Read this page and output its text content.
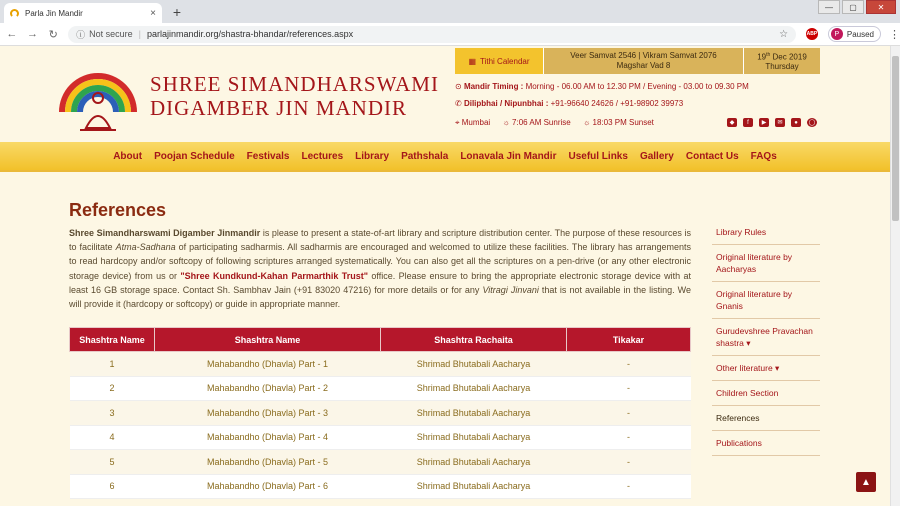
Parla Jin Mandir	×	+	—	▢	✕
← → ↻	ⓘ Not secure | parlajinmandir.org/shastra-bhandar/references.aspx	☆	ABP	P Paused ⋮
SHREE SIMANDHARSWAMI
DIGAMBER JIN MANDIR
▦ Tithi Calendar
Veer Samvat 2546 | Vikram Samvat 2076
Magshar Vad 8
19th Dec 2019
Thursday
⊙ Mandir Timing : Morning - 06.00 AM to 12.30 PM / Evening - 03.00 to 09.30 PM
✆ Dilipbhai / Nipunbhai : +91-96640 24626 / +91-98902 39973
⌖ Mumbai ☼ 7:06 AM Sunrise ☼ 18:03 PM Sunset	◆	f	▶	✉	●	◯
About	Poojan Schedule	Festivals	Lectures	Library	Pathshala	Lonavala Jin Mandir	Useful Links	Gallery	Contact Us	FAQs
References
Shree Simandharswami Digamber Jinmandir is please to present a state-of-art library and scripture distribution center. The purpose of these resources is to facilitate Atma-Sadhana of participating sadharmis. All sadharmis are encouraged and welcomed to utilize these facilities. The library has arrangements to read hardcopy and/or softcopy of following scriptures arranged systematically. You can also get all the scriptures on a pen-drive (or any other electronic storage device) from us or "Shree Kundkund-Kahan Parmarthik Trust" office. Please ensure to bring the appropriate electronic storage device with at least 16 GB storage space. Contact Sh. Sambhav Jain (+91 83020 47216) for more details or for any Vitragi Jinvani that is not available in the listing. We will provide it (hardcopy or softcopy) or guide in appropriate manner.
Shashtra Name	Shashtra Name	Shashtra Rachaita	Tikakar
1	Mahabandho (Dhavla) Part - 1	Shrimad Bhutabali Aacharya	-
2	Mahabandho (Dhavla) Part - 2	Shrimad Bhutabali Aacharya	-
3	Mahabandho (Dhavla) Part - 3	Shrimad Bhutabali Aacharya	-
4	Mahabandho (Dhavla) Part - 4	Shrimad Bhutabali Aacharya	-
5	Mahabandho (Dhavla) Part - 5	Shrimad Bhutabali Aacharya	-
6	Mahabandho (Dhavla) Part - 6	Shrimad Bhutabali Aacharya	-
Library Rules
Original literature by Aacharyas
Original literature by Gnanis
Gurudevshree Pravachan shastra ▾
Other literature ▾
Children Section
References
Publications
▲
